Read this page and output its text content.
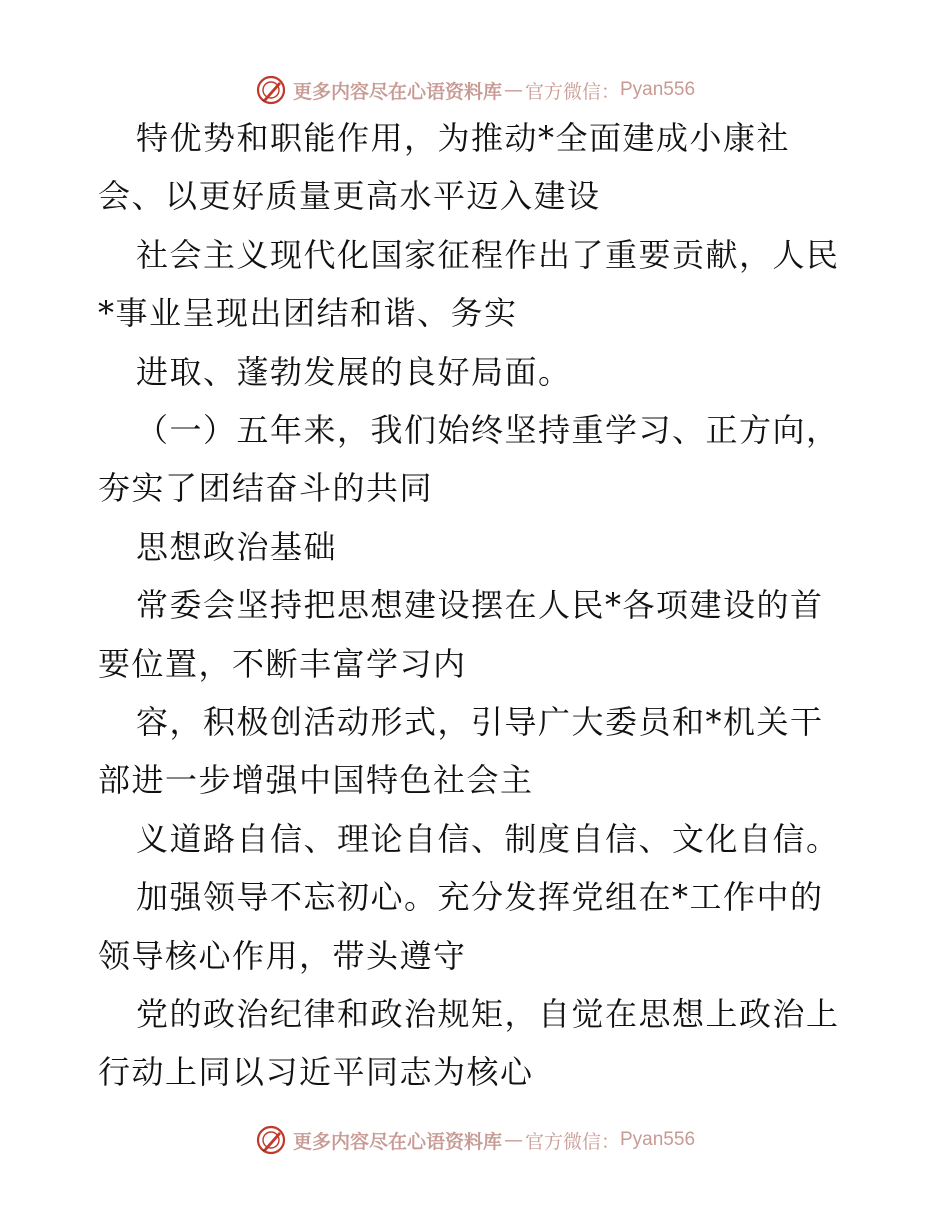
更多内容尽在心语资料库 — 官方微信： Pyan556
特优势和职能作用，为推动*全面建成小康社
会、以更好质量更高水平迈入建设
社会主义现代化国家征程作出了重要贡献，人民
*事业呈现出团结和谐、务实
进取、蓬勃发展的良好局面。
（一）五年来，我们始终坚持重学习、正方向，
夯实了团结奋斗的共同
思想政治基础
常委会坚持把思想建设摆在人民*各项建设的首
要位置，不断丰富学习内
容，积极创活动形式，引导广大委员和*机关干
部进一步增强中国特色社会主
义道路自信、理论自信、制度自信、文化自信。
加强领导不忘初心。充分发挥党组在*工作中的
领导核心作用，带头遵守
党的政治纪律和政治规矩，自觉在思想上政治上
行动上同以习近平同志为核心
更多内容尽在心语资料库 — 官方微信： Pyan556
